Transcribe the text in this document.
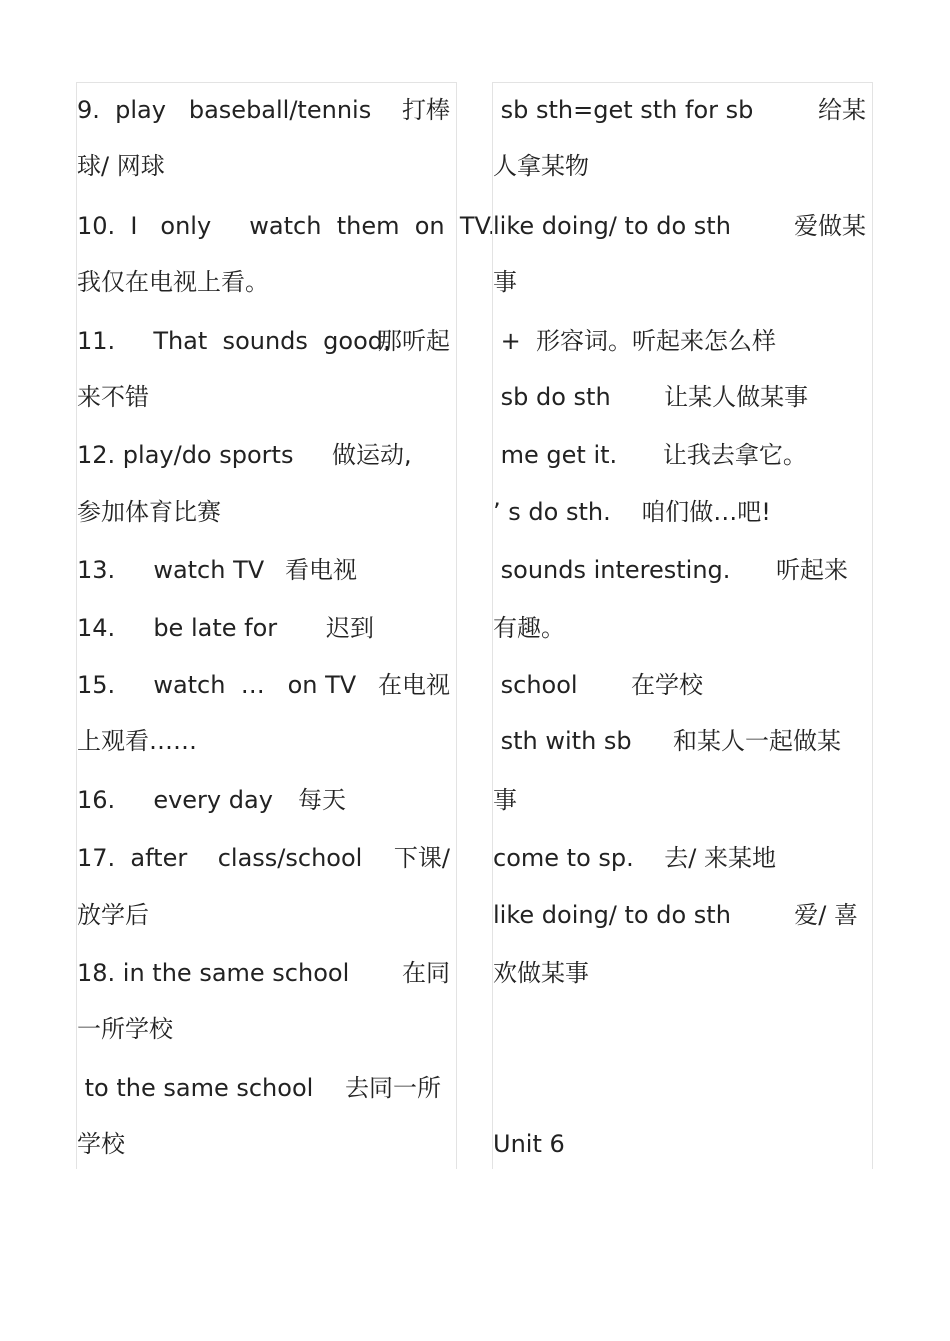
9.  play   baseball/tennis 打棒
球/ 网球
10.  I   only     watch  them  on  TV.
我仅在电视上看。
11.     That  sounds  good.
那听起
来不错
12. play/do sports 做运动,
参加体育比赛
13.     watch TV 看电视
14.     be late for 迟到
15.     watch  …   on TV 在电视
上观看……
16.     every day 每天
17.  after    class/school 下课/
放学后
18. in the same school 在同
一所学校
to the same school 去同一所
学校
sb sth=get sth for sb	给某
人拿某物
like doing/ to do sth	爱做某
事
+  形容词。听起来怎么样
sb do sth       让某人做某事
me get it.      让我去拿它。
’ s do sth.    咱们做…吧!
sounds interesting. 听起来
有趣。
school       在学校
sth with sb 和某人一起做某
事
come to sp.    去/ 来某地
like doing/ to do sth	爱/ 喜
欢做某事
Unit 6
